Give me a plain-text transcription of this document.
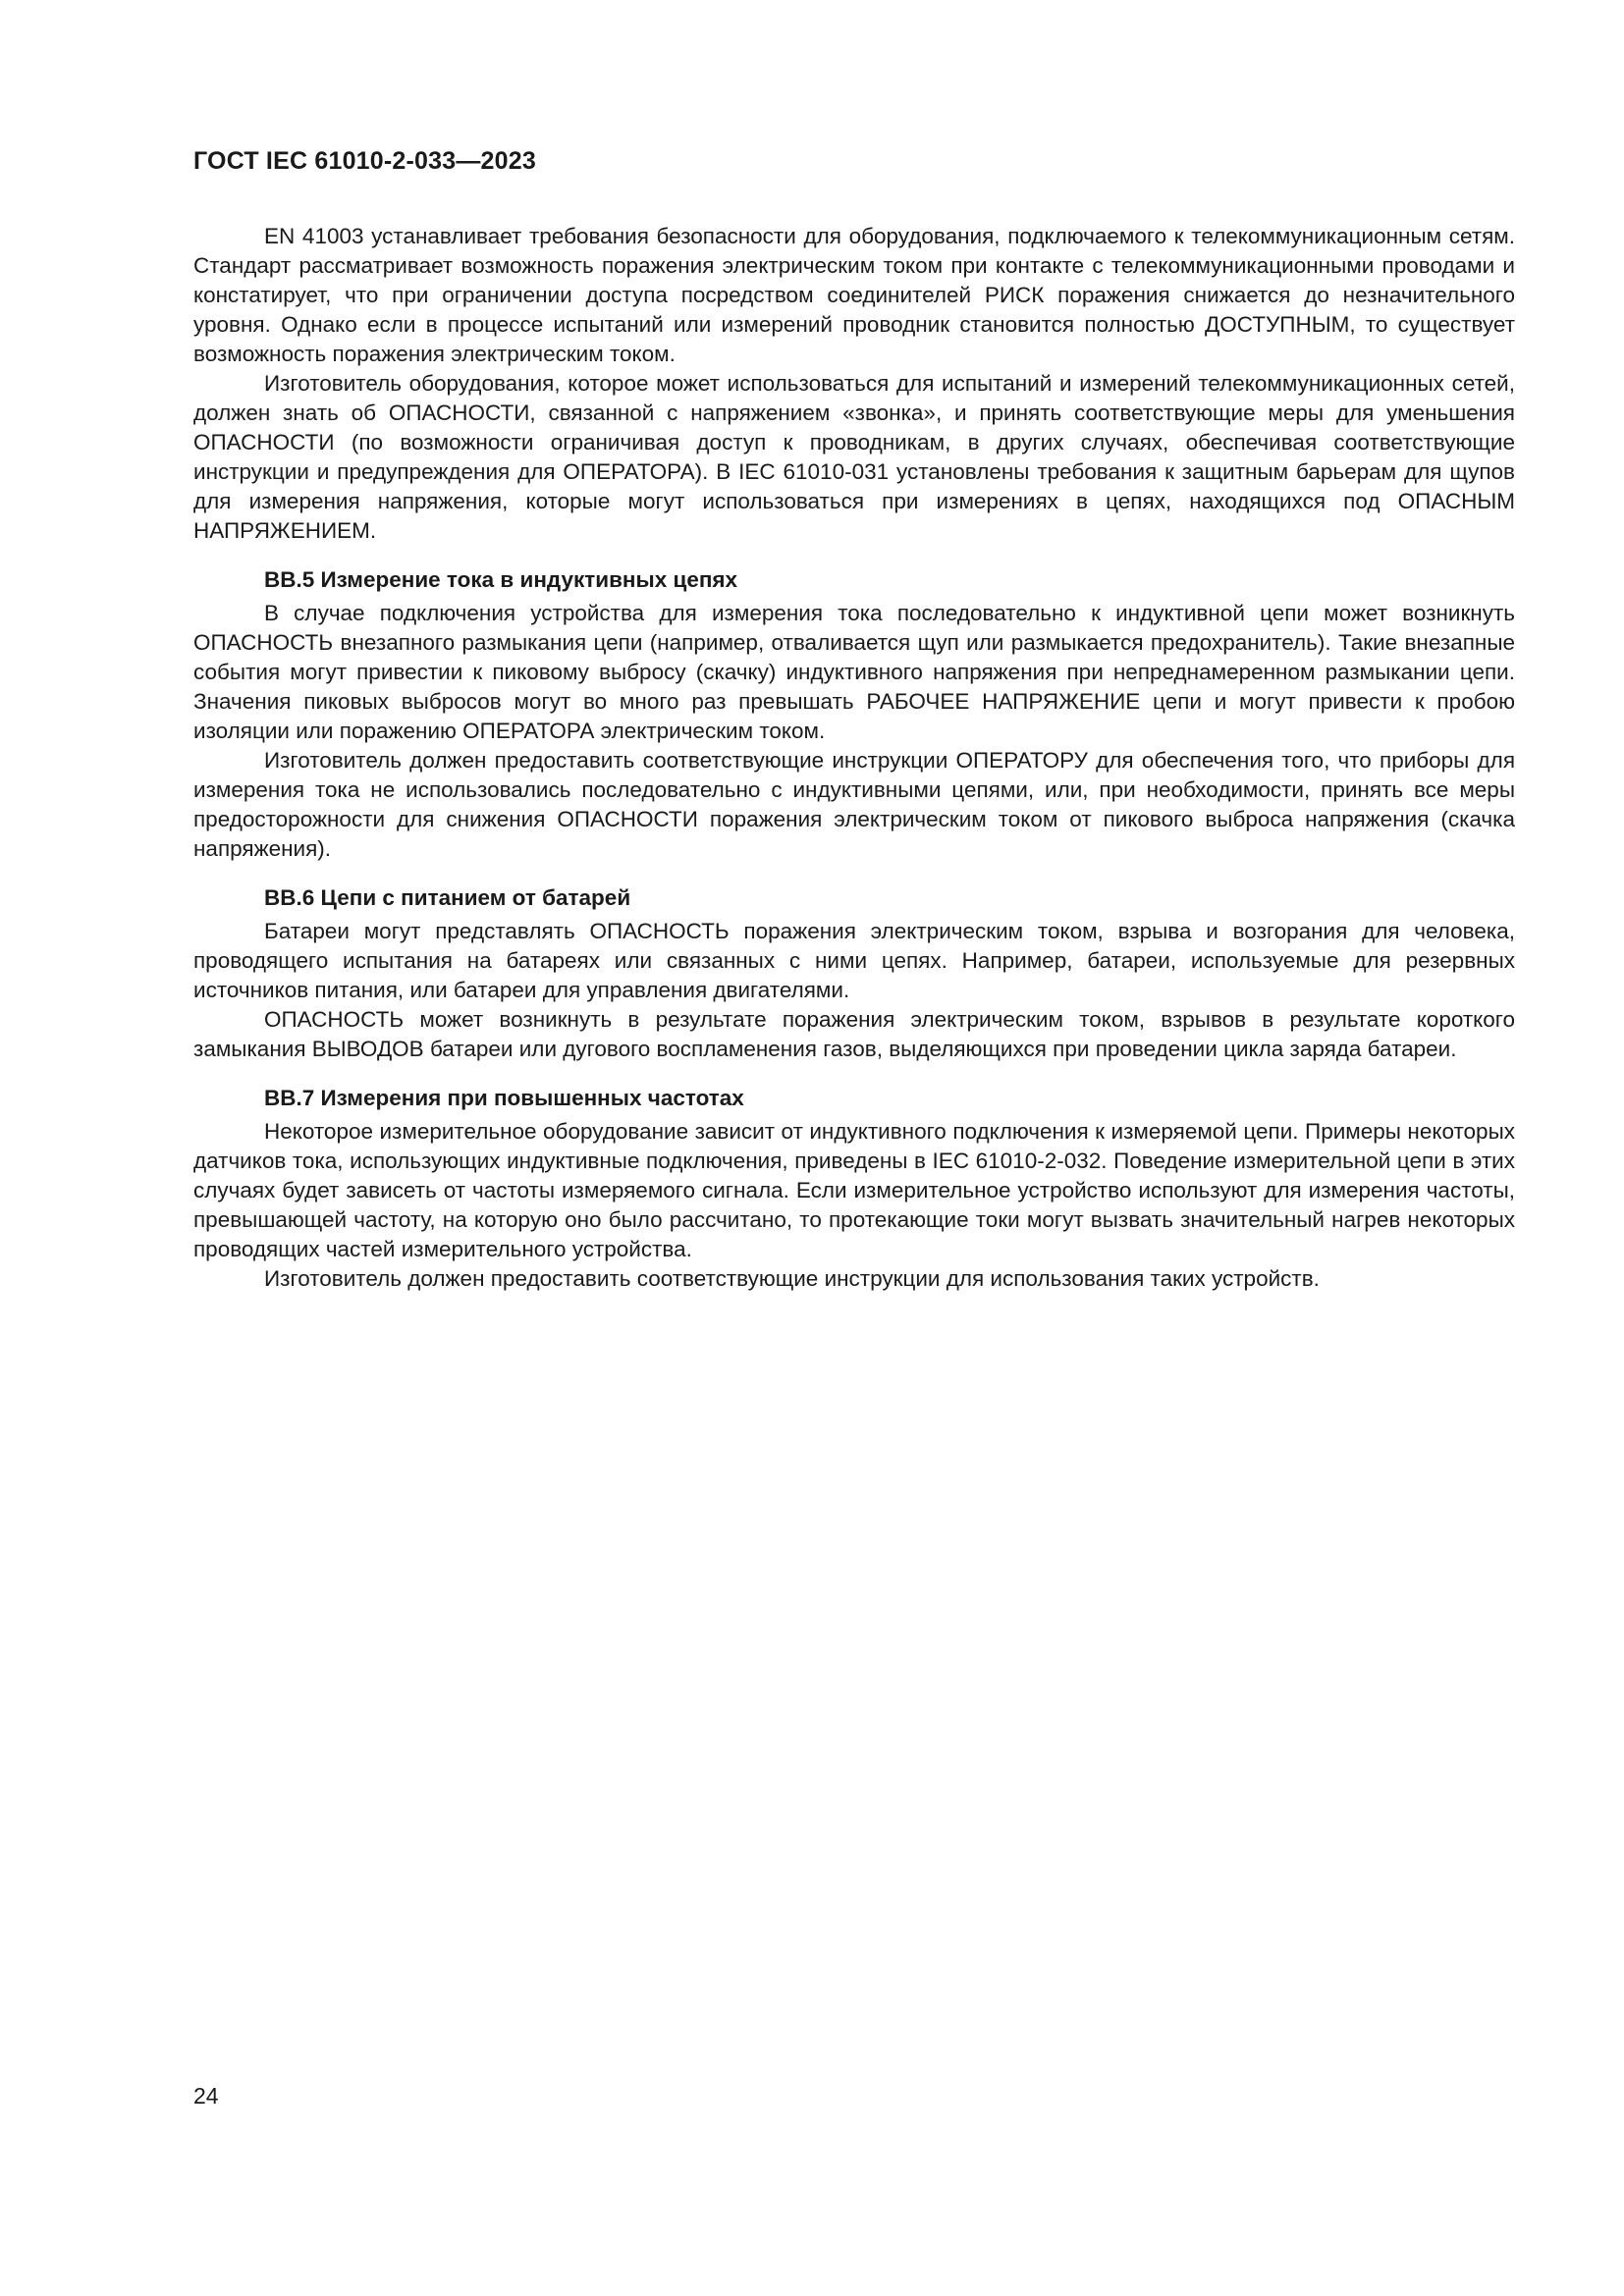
ГОСТ IEC 61010-2-033—2023

EN 41003 устанавливает требования безопасности для оборудования, подключаемого к телекоммуникационным сетям. Стандарт рассматривает возможность поражения электрическим током при контакте с телекоммуникационными проводами и констатирует, что при ограничении доступа посредством соединителей РИСК поражения снижается до незначительного уровня. Однако если в процессе испытаний или измерений проводник становится полностью ДОСТУПНЫМ, то существует возможность поражения электрическим током.

Изготовитель оборудования, которое может использоваться для испытаний и измерений телекоммуникационных сетей, должен знать об ОПАСНОСТИ, связанной с напряжением «звонка», и принять соответствующие меры для уменьшения ОПАСНОСТИ (по возможности ограничивая доступ к проводникам, в других случаях, обеспечивая соответствующие инструкции и предупреждения для ОПЕРАТОРА). В IEC 61010-031 установлены требования к защитным барьерам для щупов для измерения напряжения, которые могут использоваться при измерениях в цепях, находящихся под ОПАСНЫМ НАПРЯЖЕНИЕМ.

ВВ.5 Измерение тока в индуктивных цепях

В случае подключения устройства для измерения тока последовательно к индуктивной цепи может возникнуть ОПАСНОСТЬ внезапного размыкания цепи (например, отваливается щуп или размыкается предохранитель). Такие внезапные события могут привестии к пиковому выбросу (скачку) индуктивного напряжения при непреднамеренном размыкании цепи. Значения пиковых выбросов могут во много раз превышать РАБОЧЕЕ НАПРЯЖЕНИЕ цепи и могут привести к пробою изоляции или поражению ОПЕРАТОРА электрическим током.

Изготовитель должен предоставить соответствующие инструкции ОПЕРАТОРУ для обеспечения того, что приборы для измерения тока не использовались последовательно с индуктивными цепями, или, при необходимости, принять все меры предосторожности для снижения ОПАСНОСТИ поражения электрическим током от пикового выброса напряжения (скачка напряжения).

ВВ.6 Цепи с питанием от батарей

Батареи могут представлять ОПАСНОСТЬ поражения электрическим током, взрыва и возгорания для человека, проводящего испытания на батареях или связанных с ними цепях. Например, батареи, используемые для резервных источников питания, или батареи для управления двигателями.

ОПАСНОСТЬ может возникнуть в результате поражения электрическим током, взрывов в результате короткого замыкания ВЫВОДОВ батареи или дугового воспламенения газов, выделяющихся при проведении цикла заряда батареи.

ВВ.7 Измерения при повышенных частотах

Некоторое измерительное оборудование зависит от индуктивного подключения к измеряемой цепи. Примеры некоторых датчиков тока, использующих индуктивные подключения, приведены в IEC 61010-2-032. Поведение измерительной цепи в этих случаях будет зависеть от частоты измеряемого сигнала. Если измерительное устройство используют для измерения частоты, превышающей частоту, на которую оно было рассчитано, то протекающие токи могут вызвать значительный нагрев некоторых проводящих частей измерительного устройства.

Изготовитель должен предоставить соответствующие инструкции для использования таких устройств.

24
